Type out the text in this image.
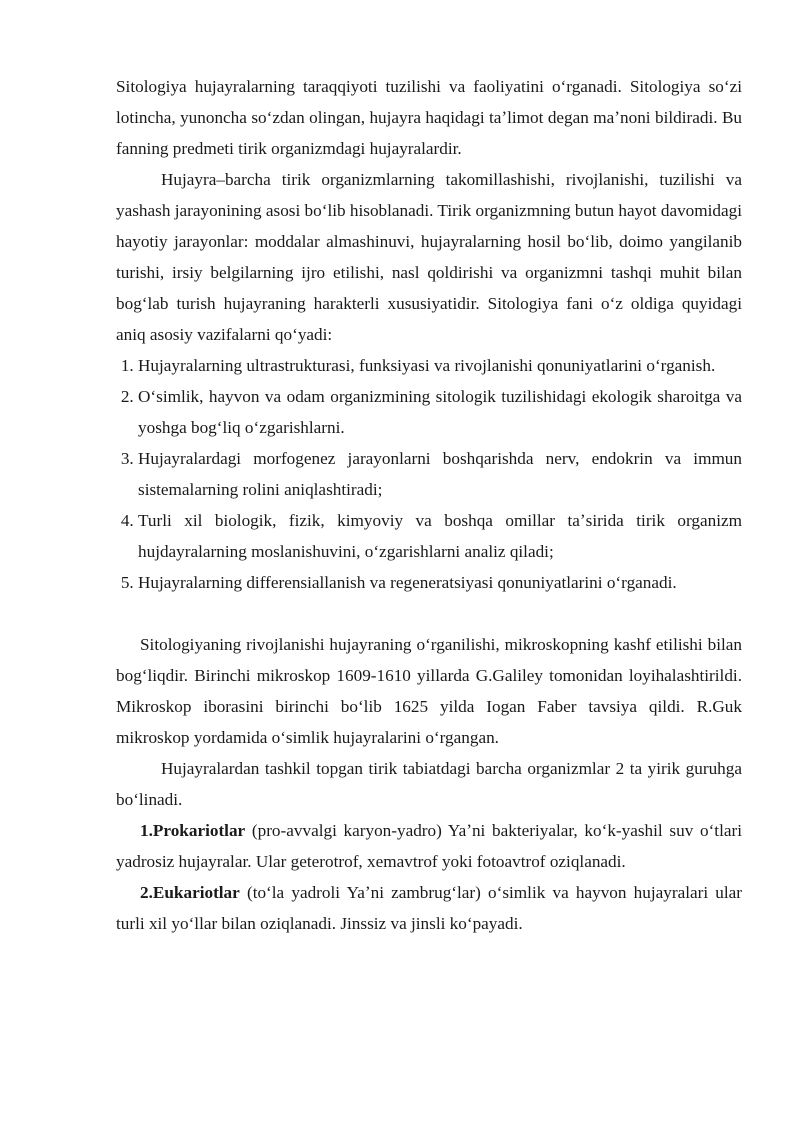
Sitologiya hujayralarning taraqqiyoti tuzilishi va faoliyatini oʻrganadi. Sitologiya soʻzi lotincha, yunoncha soʻzdan olingan, hujayra haqidagi taʼlimot degan maʼnoni bildiradi. Bu fanning predmeti tirik organizmdagi hujayralardir.

Hujayra–barcha tirik organizmlarning takomillashishi, rivojlanishi, tuzilishi va yashash jarayonining asosi boʻlib hisoblanadi. Tirik organizmning butun hayot davomidagi hayotiy jarayonlar: moddalar almashinuvi, hujayralarning hosil boʻlib, doimo yangilanib turishi, irsiy belgilarning ijro etilishi, nasl qoldirishi va organizmni tashqi muhit bilan bogʻlab turish hujayraning harakterli xususiyatidir. Sitologiya fani oʻz oldiga quyidagi aniq asosiy vazifalarni qoʻyadi:

1. Hujayralarning ultrastrukturasi, funksiyasi va rivojlanishi qonuniyatlarini oʻrganish.
2. Oʻsimlik, hayvon va odam organizmining sitologik tuzilishidagi ekologik sharoitga va yoshga bogʻliq oʻzgarishlarni.
3. Hujayralardagi morfogenez jarayonlarni boshqarishda nerv, endokrin va immun sistemalarning rolini aniqlashtiradi;
4. Turli xil biologik, fizik, kimyoviy va boshqa omillar taʼsirida tirik organizm hujdayralarning moslanishuvini, oʻzgarishlarni analiz qiladi;
5. Hujayralarning differensiallanish va regeneratsiyasi qonuniyatlarini oʻrganadi.

Sitologiyaning rivojlanishi hujayraning oʻrganilishi, mikroskopning kashf etilishi bilan bogʻliqdir. Birinchi mikroskop 1609-1610 yillarda G.Galiley tomonidan loyihalashtirildi. Mikroskop iborasini birinchi boʻlib 1625 yilda Iogan Faber tavsiya qildi. R.Guk mikroskop yordamida oʻsimlik hujayralarini oʻrgangan.

Hujayralardan tashkil topgan tirik tabiatdagi barcha organizmlar 2 ta yirik guruhga boʻlinadi.

1.Prokariotlar (pro-avvalgi karyon-yadro) Yaʼni bakteriyalar, koʻk-yashil suv oʻtlari yadrosiz hujayralar. Ular geterotrof, xemavtrof yoki fotoavtrof oziqlanadi.

2.Eukariotlar (toʻla yadroli Yaʼni zambrugʻlar) oʻsimlik va hayvon hujayralari ular turli xil yoʻllar bilan oziqlanadi. Jinssiz va jinsli koʻpayadi.
